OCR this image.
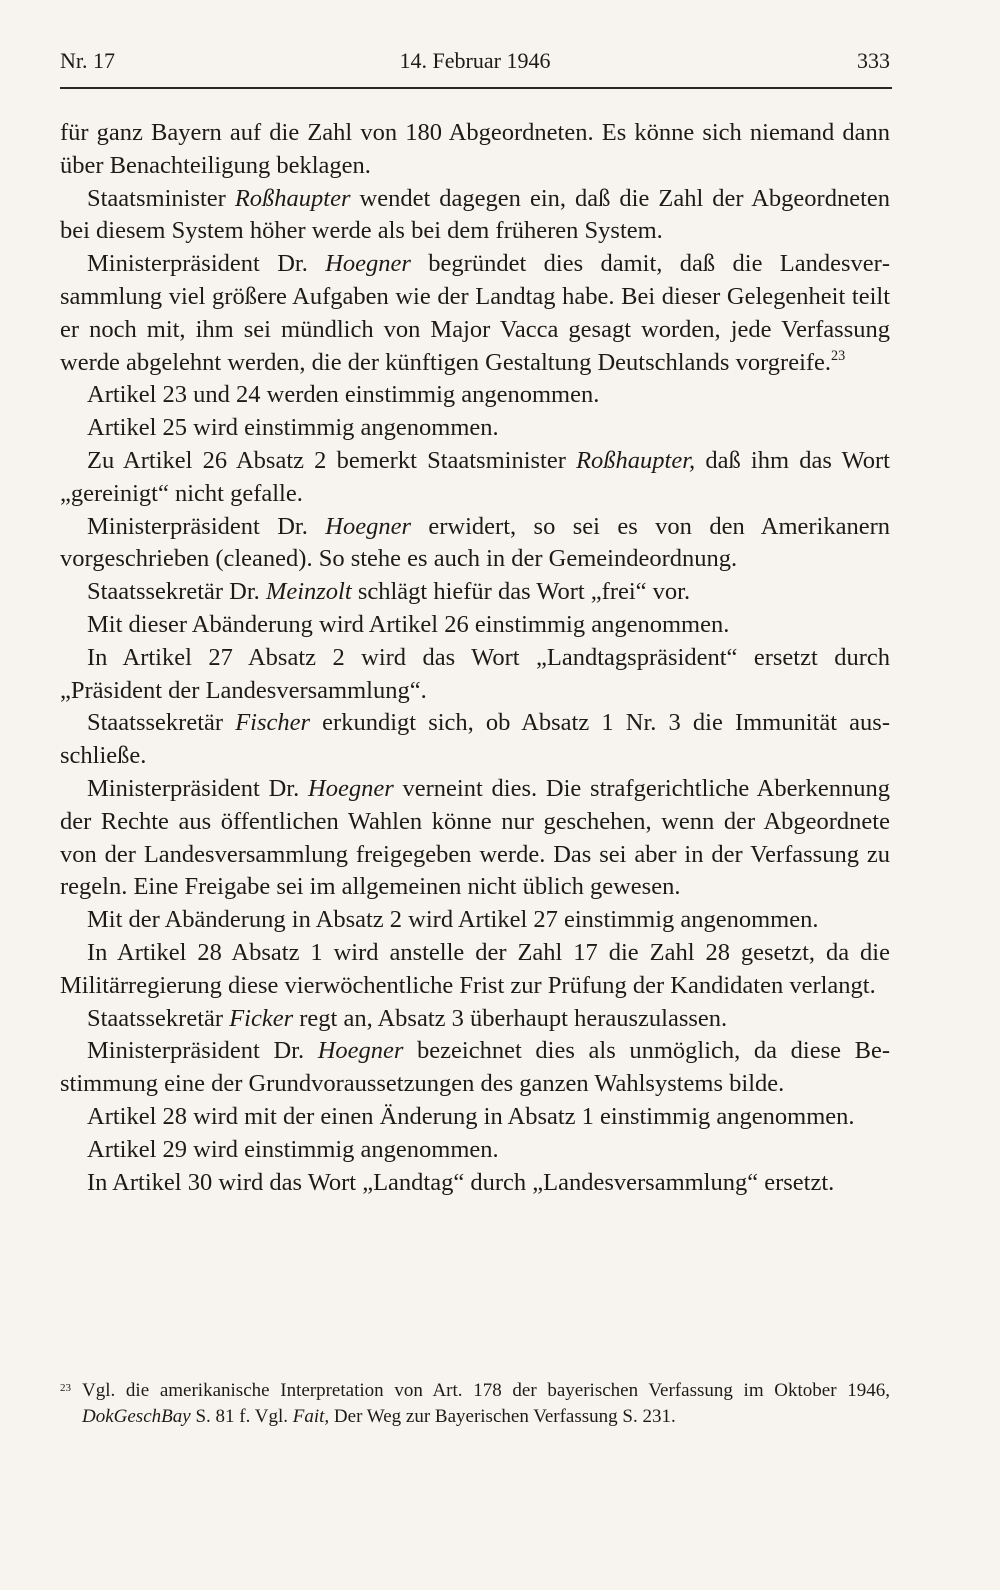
Nr. 17	14. Februar 1946	333

für ganz Bayern auf die Zahl von 180 Abgeordneten. Es könne sich niemand dann über Benachteiligung beklagen.

Staatsminister Roßhaupter wendet dagegen ein, daß die Zahl der Abgeordneten bei diesem System höher werde als bei dem früheren System.

Ministerpräsident Dr. Hoegner begründet dies damit, daß die Landesversammlung viel größere Aufgaben wie der Landtag habe. Bei dieser Gelegenheit teilt er noch mit, ihm sei mündlich von Major Vacca gesagt worden, jede Verfassung werde abgelehnt werden, die der künftigen Gestaltung Deutschlands vorgreife.$^{23}$

Artikel 23 und 24 werden einstimmig angenommen.

Artikel 25 wird einstimmig angenommen.

Zu Artikel 26 Absatz 2 bemerkt Staatsminister Roßhaupter, daß ihm das Wort „gereinigt“ nicht gefalle.

Ministerpräsident Dr. Hoegner erwidert, so sei es von den Amerikanern vorgeschrieben (cleaned). So stehe es auch in der Gemeindeordnung.

Staatssekretär Dr. Meinzolt schlägt hiefür das Wort „frei“ vor.

Mit dieser Abänderung wird Artikel 26 einstimmig angenommen.

In Artikel 27 Absatz 2 wird das Wort „Landtagspräsident“ ersetzt durch „Präsident der Landesversammlung“.

Staatssekretär Fischer erkundigt sich, ob Absatz 1 Nr. 3 die Immunität ausschließe.

Ministerpräsident Dr. Hoegner verneint dies. Die strafgerichtliche Aberkennung der Rechte aus öffentlichen Wahlen könne nur geschehen, wenn der Abgeordnete von der Landesversammlung freigegeben werde. Das sei aber in der Verfassung zu regeln. Eine Freigabe sei im allgemeinen nicht üblich gewesen.

Mit der Abänderung in Absatz 2 wird Artikel 27 einstimmig angenommen.

In Artikel 28 Absatz 1 wird anstelle der Zahl 17 die Zahl 28 gesetzt, da die Militärregierung diese vierwöchentliche Frist zur Prüfung der Kandidaten verlangt.

Staatssekretär Ficker regt an, Absatz 3 überhaupt herauszulassen.

Ministerpräsident Dr. Hoegner bezeichnet dies als unmöglich, da diese Bestimmung eine der Grundvoraussetzungen des ganzen Wahlsystems bilde.

Artikel 28 wird mit der einen Änderung in Absatz 1 einstimmig angenommen.

Artikel 29 wird einstimmig angenommen.

In Artikel 30 wird das Wort „Landtag“ durch „Landesversammlung“ ersetzt.

23 Vgl. die amerikanische Interpretation von Art. 178 der bayerischen Verfassung im Oktober 1946, DokGeschBay S. 81 f. Vgl. Fait, Der Weg zur Bayerischen Verfassung S. 231.
